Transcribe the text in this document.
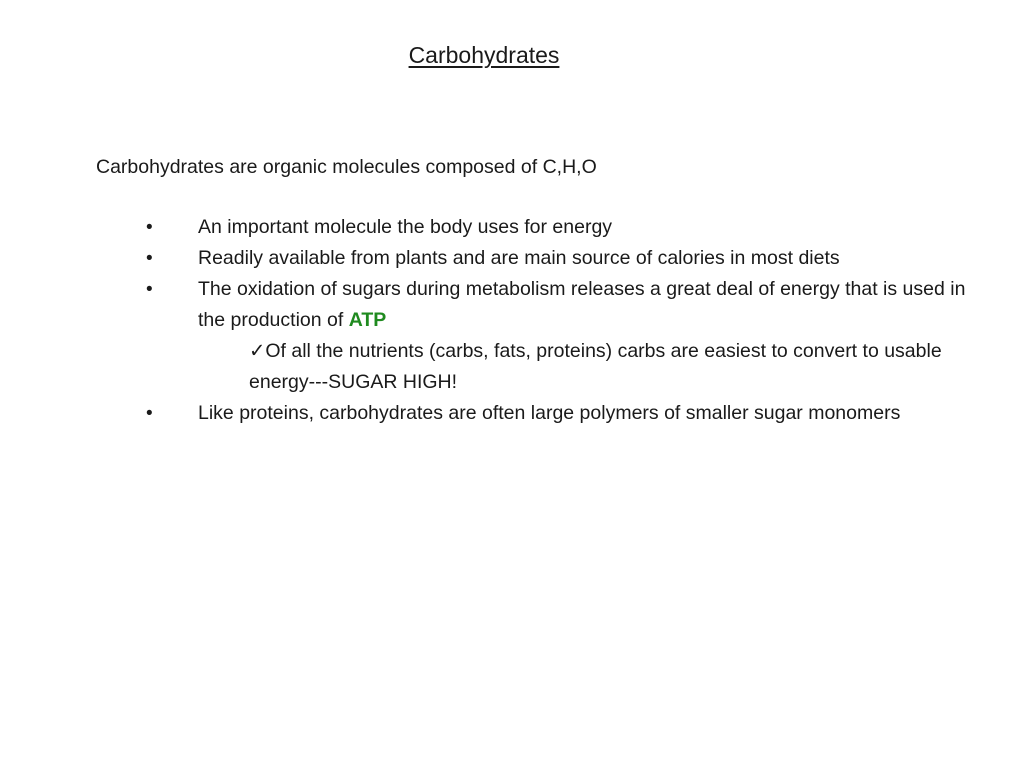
Carbohydrates
Carbohydrates are organic molecules composed of C,H,O
• An important molecule the body uses for energy
• Readily available from plants and are main source of calories in most diets
• The oxidation of sugars during metabolism releases a great deal of energy that is used in the production of ATP
✓Of all the nutrients (carbs, fats, proteins) carbs are easiest to convert to usable energy---SUGAR HIGH!
• Like proteins, carbohydrates are often large polymers of smaller sugar monomers
